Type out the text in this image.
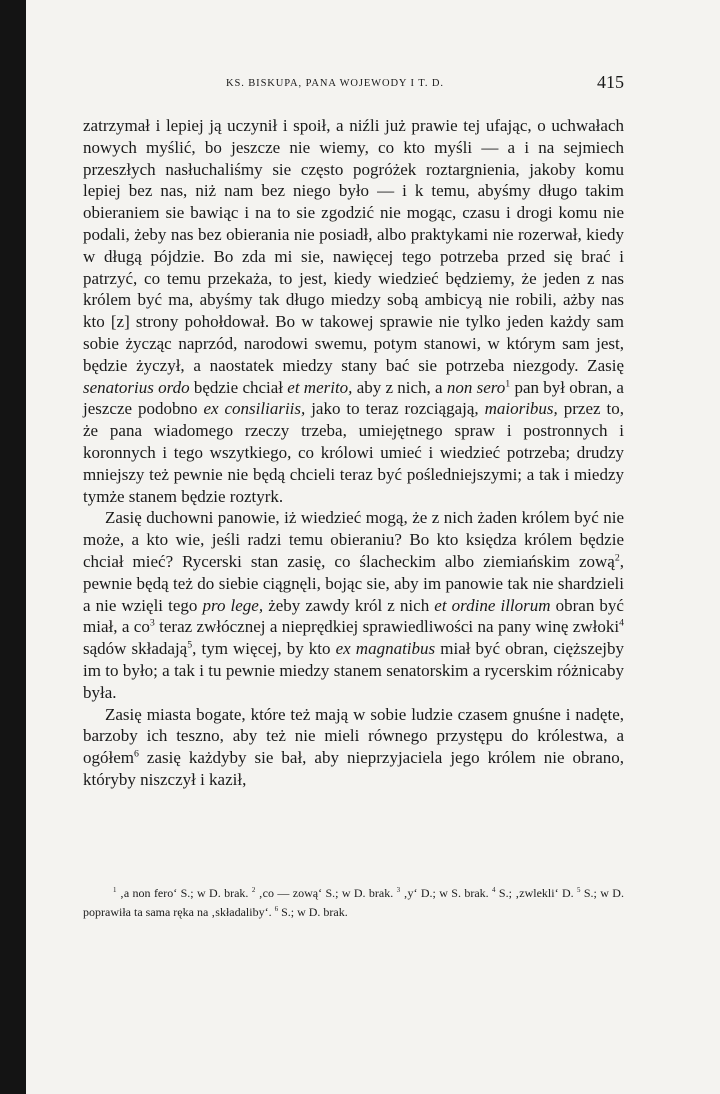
KS. BISKUPA, PANA WOJEWODY I T. D.	415

zatrzymał i lepiej ją uczynił i spoił, a niźli już prawie tej ufając, o uchwałach nowych myślić, bo jeszcze nie wiemy, co kto myśli — a i na sejmiech przeszłych nasłuchaliśmy sie często pogróżek roztargnienia, jakoby komu lepiej bez nas, niż nam bez niego było — i k temu, abyśmy długo takim obieraniem sie bawiąc i na to sie zgodzić nie mogąc, czasu i drogi komu nie podali, żeby nas bez obierania nie posiadł, albo praktykami nie rozerwał, kiedy w długą pójdzie. Bo zda mi sie, nawięcej tego potrzeba przed się brać i patrzyć, co temu przekaża, to jest, kiedy wiedzieć będziemy, że jeden z nas królem być ma, abyśmy tak długo miedzy sobą ambicyą nie robili, ażby nas kto [z] strony pohołdował. Bo w takowej sprawie nie tylko jeden każdy sam sobie życząc naprzód, narodowi swemu, potym stanowi, w którym sam jest, będzie życzył, a naostatek miedzy stany bać sie potrzeba niezgody. Zasię senatorius ordo będzie chciał et merito, aby z nich, a non sero$^1$ pan był obran, a jeszcze podobno ex consiliariis, jako to teraz rozciągają, maioribus, przez to, że pana wiadomego rzeczy trzeba, umiejętnego spraw i postronnych i koronnych i tego wszytkiego, co królowi umieć i wiedzieć potrzeba; drudzy mniejszy też pewnie nie będą chcieli teraz być pośledniejszymi; a tak i miedzy tymże stanem będzie roztyrk.

Zasię duchowni panowie, iż wiedzieć mogą, że z nich żaden królem być nie może, a kto wie, jeśli radzi temu obieraniu? Bo kto księdza królem będzie chciał mieć? Rycerski stan zasię, co ślacheckim albo ziemiańskim zową$^2$, pewnie będą też do siebie ciągnęli, bojąc sie, aby im panowie tak nie shardzieli a nie wzięli tego pro lege, żeby zawdy król z nich et ordine illorum obran być miał, a $co^3$ teraz zwłócznej a nieprędkiej sprawiedliwości na pany winę zwłoki$^4$ sądów składają$^5$, tym więcej, by kto ex magnatibus miał być obran, cięższejby im to było; a tak i tu pewnie miedzy stanem senatorskim a rycerskim różnicaby była.

Zasię miasta bogate, które też mają w sobie ludzie czasem gnuśne i nadęte, barzoby ich teszno, aby też nie mieli równego przystępu do królestwa, a ogółem$^6$ zasię każdyby sie bał, aby nieprzyjaciela jego królem nie obrano, któryby niszczył i kaził,

$^1$ ‚a non fero‘ S.; w D. brak. $^2$ ‚co — zową‘ S.; w D. brak. $^3$ ‚y‘ D.; w S. brak. $^4$ S.; ‚zwlekli‘ D. $^5$ S.; w D. poprawiła ta sama ręka na ‚składaliby‘. $^6$ S.; w D. brak.
